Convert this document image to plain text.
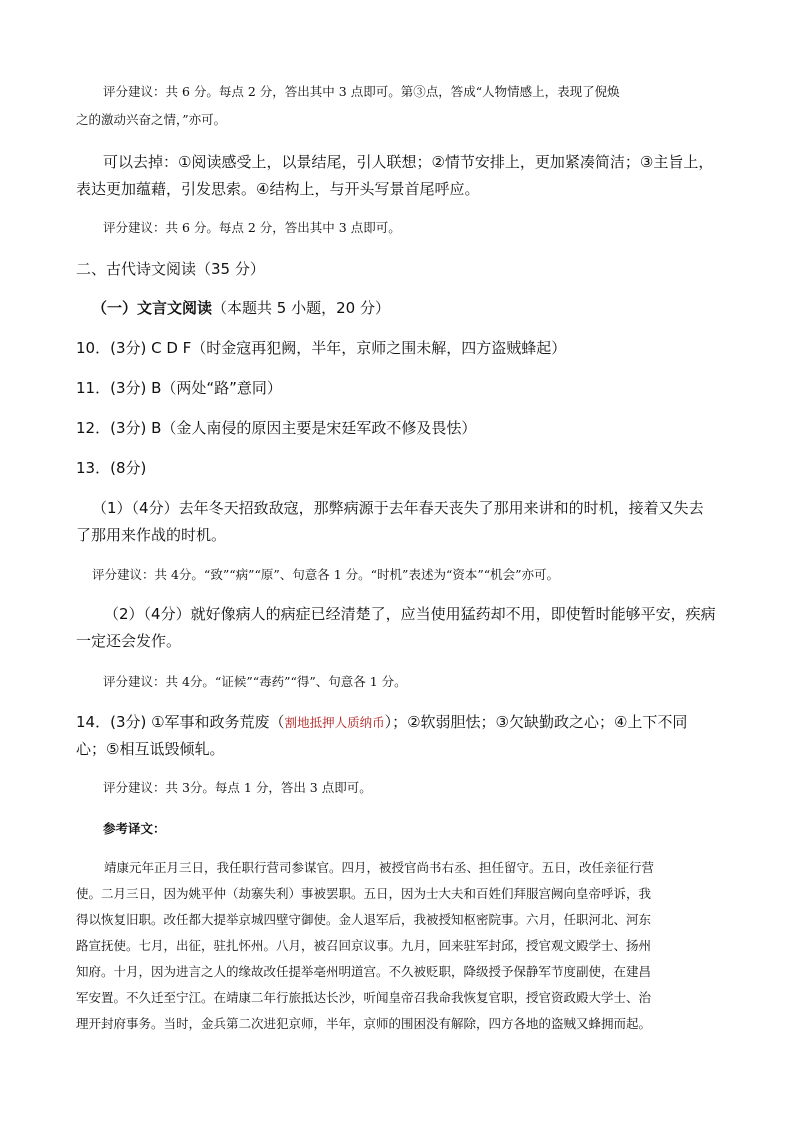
评分建议：共 6 分。每点 2 分，答出其中 3 点即可。第③点，答成“人物情感上，表现了倪焕

之的激动兴奋之情，”亦可。

可以去掉：①阅读感受上，以景结尾，引人联想；②情节安排上，更加紧凑简洁；③主旨上，

表达更加蕴藉，引发思索。④结构上，与开头写景首尾呼应。

评分建议：共 6 分。每点 2 分，答出其中 3 点即可。

二、古代诗文阅读（35 分）

（一）文言文阅读（本题共 5 小题，20 分）

10．(3分) C D F（时金寇再犯阙，半年，京师之围未解，四方盗贼蜂起）

11．(3分) B（两处“路”意同）

12．(3分) B（金人南侵的原因主要是宋廷军政不修及畏怯）

13．(8分)

（1）（4分）去年冬天招致敌寇，那弊病源于去年春天丧失了那用来讲和的时机，接着又失去

了那用来作战的时机。

评分建议：共 4分。“致”“病”“原”、句意各 1 分。“时机”表述为“资本”“机会”亦可。

（2）（4分）就好像病人的病症已经清楚了，应当使用猛药却不用，即使暂时能够平安，疾病

一定还会发作。

评分建议：共 4分。“证候”“毒药”“得”、句意各 1 分。

14．(3分) ①军事和政务荒废（割地抵押人质纳币）；②软弱胆怯；③欠缺勤政之心；④上下不同

心；⑤相互诋毁倾轧。

评分建议：共 3分。每点 1 分，答出 3 点即可。

参考译文：

靖康元年正月三日，我任职行营司参谋官。四月，被授官尚书右丞、担任留守。五日，改任亲征行营

使。二月三日，因为姚平仲（劫寨失利）事被罢职。五日，因为士大夫和百姓们拜服宫阙向皇帝呼诉，我

得以恢复旧职。改任都大提举京城四壁守御使。金人退军后，我被授知枢密院事。六月，任职河北、河东

路宣抚使。七月，出征，驻扎怀州。八月，被召回京议事。九月，回来驻军封邱，授官观文殿学士、扬州

知府。十月，因为进言之人的缘故改任提举亳州明道宫。不久被贬职，降级授予保静军节度副使，在建昌

军安置。不久迁至宁江。在靖康二年行旅抵达长沙，听闻皇帝召我命我恢复官职，授官资政殿大学士、治

理开封府事务。当时，金兵第二次进犯京师，半年，京师的围困没有解除，四方各地的盗贼又蜂拥而起。
